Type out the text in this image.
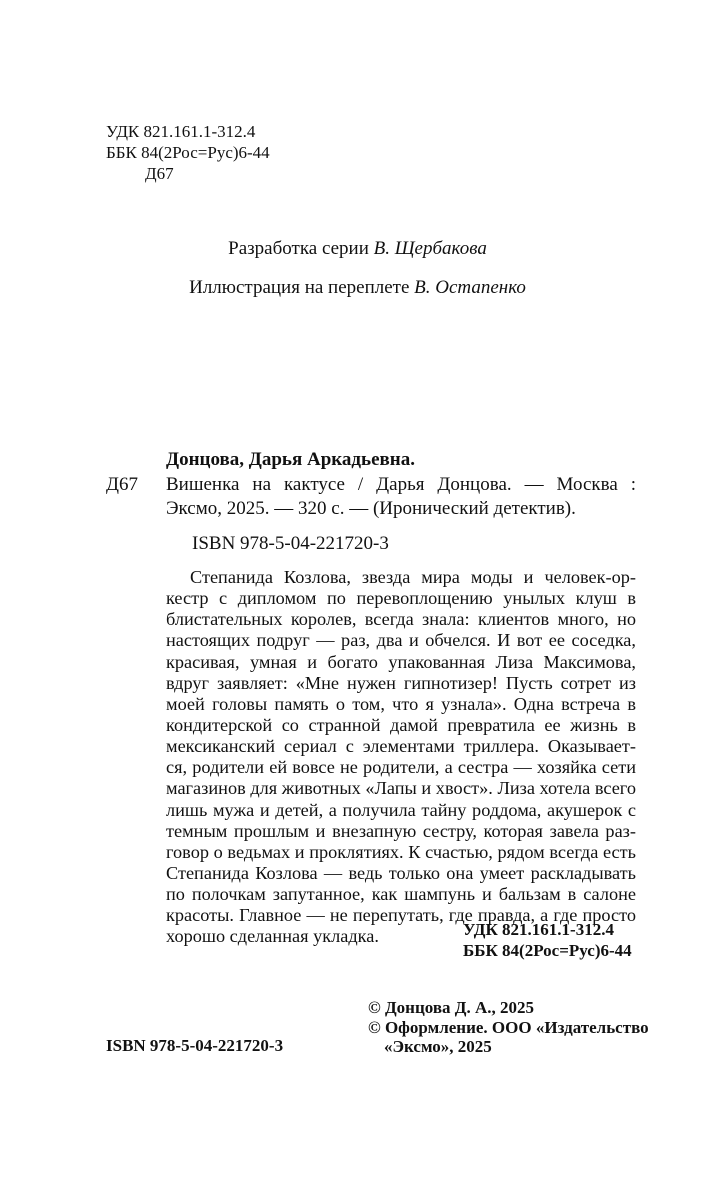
УДК 821.161.1-312.4
ББК 84(2Рос=Рус)6-44
Д67
Разработка серии В. Щербакова
Иллюстрация на переплете В. Остапенко
Донцова, Дарья Аркадьевна.
Д67 Вишенка на кактусе / Дарья Донцова. — Москва :
Эксмо, 2025. — 320 с. — (Иронический детектив).
ISBN 978-5-04-221720-3
Степанида Козлова, звезда мира моды и человек-ор-
кестр с дипломом по перевоплощению унылых клуш в
блистательных королев, всегда знала: клиентов много, но
настоящих подруг — раз, два и обчелся. И вот ее соседка,
красивая, умная и богато упакованная Лиза Максимова,
вдруг заявляет: «Мне нужен гипнотизер! Пусть сотрет из
моей головы память о том, что я узнала». Одна встреча в
кондитерской со странной дамой превратила ее жизнь в
мексиканский сериал с элементами триллера. Оказывает-
ся, родители ей вовсе не родители, а сестра — хозяйка сети
магазинов для животных «Лапы и хвост». Лиза хотела всего
лишь мужа и детей, а получила тайну роддома, акушерок с
темным прошлым и внезапную сестру, которая завела раз-
говор о ведьмах и проклятиях. К счастью, рядом всегда есть
Степанида Козлова — ведь только она умеет раскладывать
по полочкам запутанное, как шампунь и бальзам в салоне
красоты. Главное — не перепутать, где правда, а где просто
хорошо сделанная укладка.	УДК 821.161.1-312.4
ББК 84(2Рос=Рус)6-44
© Донцова Д. А., 2025
© Оформление. ООО «Издательство
«Эксмо», 2025
ISBN 978-5-04-221720-3
